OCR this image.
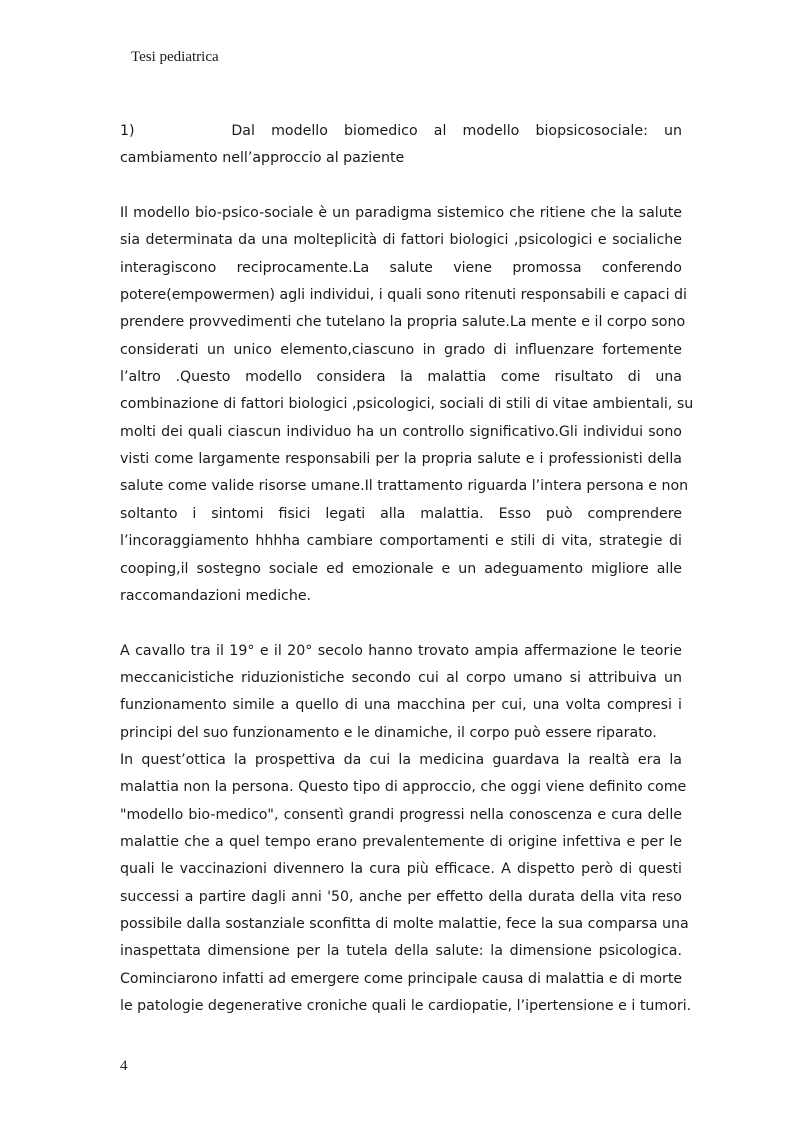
Tesi pediatrica
1)                  Dal   modello   biomedico   al   modello   biopsicosociale:   un
cambiamento nell’approccio al paziente
Il modello bio-psico-sociale è un paradigma sistemico che ritiene che la salute
sia determinata da una molteplicità di fattori biologici ,psicologici e socialiche
interagiscono reciprocamente.La salute viene promossa conferendo
potere(empowermen) agli individui, i quali sono ritenuti responsabili e capaci di
prendere provvedimenti che tutelano la propria salute.La mente e il corpo sono
considerati un unico elemento,ciascuno in grado di influenzare fortemente
l’altro .Questo modello considera la malattia come risultato di una
combinazione di fattori biologici ,psicologici, sociali di stili di vitae ambientali, su
molti dei quali ciascun individuo ha un controllo significativo.Gli individui sono
visti come largamente responsabili per la propria salute e i professionisti della
salute come valide risorse umane.Il trattamento riguarda l’intera persona e non
soltanto i sintomi fisici legati alla malattia. Esso può comprendere
l’incoraggiamento hhhha cambiare comportamenti e stili di vita, strategie di
cooping,il sostegno sociale ed emozionale e un adeguamento migliore alle
raccomandazioni mediche.
A cavallo tra il 19° e il 20° secolo hanno trovato ampia affermazione le teorie
meccanicistiche riduzionistiche secondo cui al corpo umano si attribuiva un
funzionamento simile a quello di una macchina per cui, una volta compresi i
principi del suo funzionamento e le dinamiche, il corpo può essere riparato.
In quest’ottica la prospettiva da cui la medicina guardava la realtà era la
malattia non la persona. Questo tipo di approccio, che oggi viene definito come
"modello bio-medico", consentì grandi progressi nella conoscenza e cura delle
malattie che a quel tempo erano prevalentemente di origine infettiva e per le
quali le vaccinazioni divennero la cura più efficace. A dispetto però di questi
successi a partire dagli anni '50, anche per effetto della durata della vita reso
possibile dalla sostanziale sconfitta di molte malattie, fece la sua comparsa una
inaspettata dimensione per la tutela della salute: la dimensione psicologica.
Cominciarono infatti ad emergere come principale causa di malattia e di morte
le patologie degenerative croniche quali le cardiopatie, l’ipertensione e i tumori.
4
